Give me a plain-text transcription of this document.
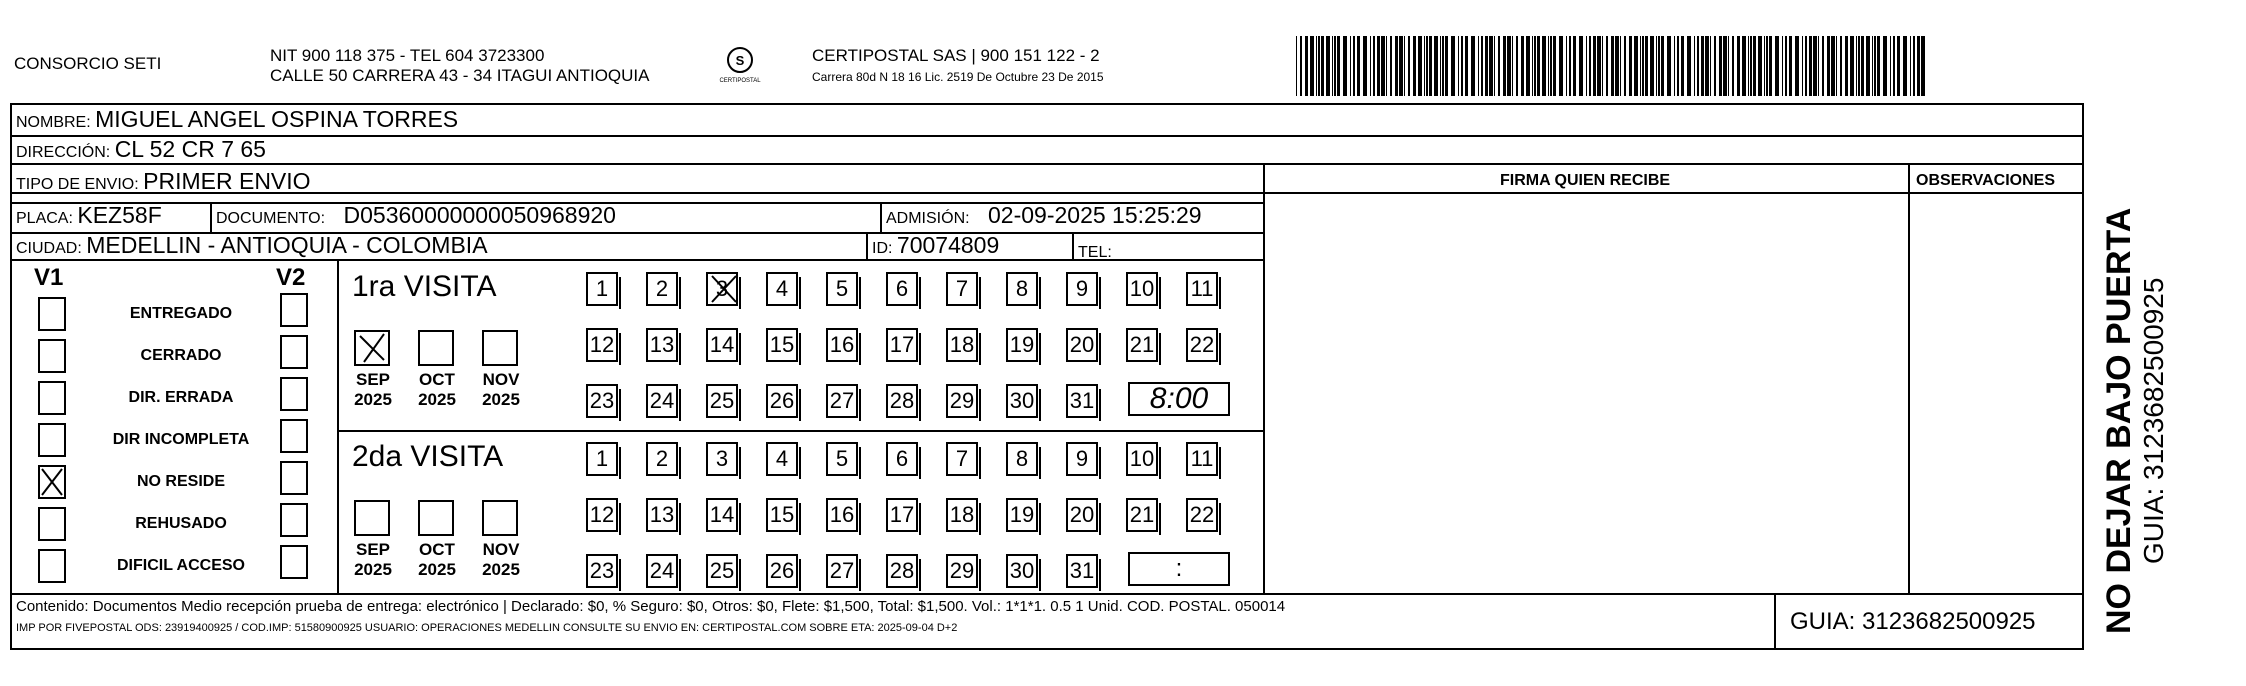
CONSORCIO SETI	NIT 900 118 375 - TEL 604 3723300
CALLE 50 CARRERA 43 - 34 ITAGUI ANTIOQUIA
S
CERTIPOSTAL
CERTIPOSTAL SAS | 900 151 122 - 2
Carrera 80d N 18 16 Lic. 2519 De Octubre 23 De 2015
NOMBRE: MIGUEL ANGEL OSPINA TORRES
DIRECCIÓN: CL 52 CR 7 65
TIPO DE ENVIO: PRIMER ENVIO	FIRMA QUIEN RECIBE	OBSERVACIONES
PLACA: KEZ58F	DOCUMENTO: D05360000000050968920	ADMISIÓN: 02-09-2025 15:25:29
CIUDAD: MEDELLIN - ANTIOQUIA - COLOMBIA	ID: 70074809	TEL:
V1	V2
ENTREGADO
CERRADO
DIR. ERRADA
DIR INCOMPLETA
NO RESIDE
REHUSADO
DIFICIL ACCESO
1ra VISITA
SEP
2025
OCT
2025
NOV
2025
1	2	3	4	5	6	7	8	9	10 11
12 13 14 15 16 17 18 19 20 21 22
23 24 25 26 27 28 29 30 31	8:00
2da VISITA
SEP
2025
OCT
2025
NOV
2025
1	2	3	4	5	6	7	8	9	10 11
12 13 14 15 16 17 18 19 20 21 22
23 24 25 26 27 28 29 30 31	:
Contenido: Documentos Medio recepción prueba de entrega: electrónico | Declarado: $0, % Seguro: $0, Otros: $0, Flete: $1,500, Total: $1,500. Vol.: 1*1*1. 0.5 1 Unid. COD. POSTAL. 050014
IMP POR FIVEPOSTAL ODS: 23919400925 / COD.IMP: 51580900925 USUARIO: OPERACIONES MEDELLIN CONSULTE SU ENVIO EN: CERTIPOSTAL.COM SOBRE ETA: 2025-09-04 D+2	GUIA: 3123682500925 NO DEJAR BAJO PUERTA GUIA: 3123682500925
